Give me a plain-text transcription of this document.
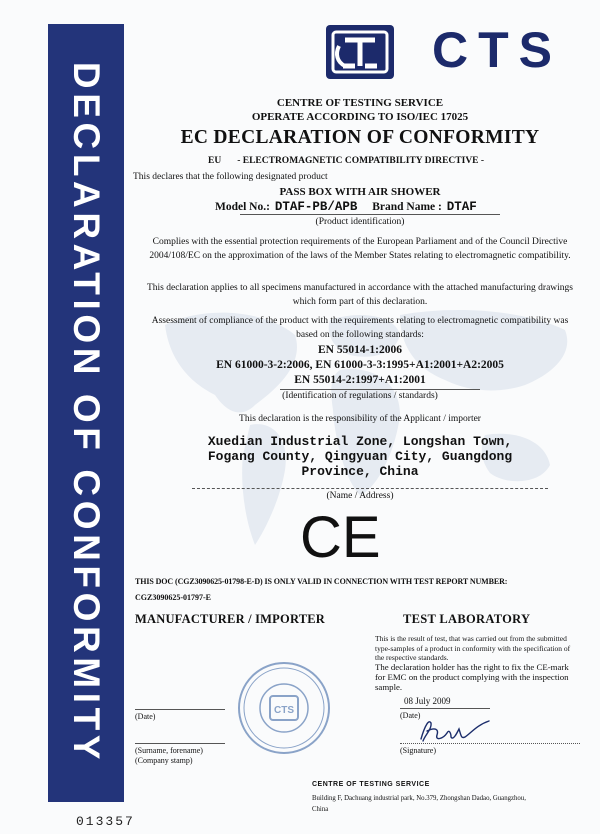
DECLARATION OF CONFORMITY
CTS
CENTRE OF TESTING SERVICE
OPERATE ACCORDING TO ISO/IEC 17025
EC DECLARATION OF CONFORMITY
EU - ELECTROMAGNETIC COMPATIBILITY DIRECTIVE -
This declares that the following designated product
PASS BOX WITH AIR SHOWER
Model No.: DTAF-PB/APB Brand Name : DTAF
(Product identification)
Complies with the essential protection requirements of the European Parliament and of the Council Directive 2004/108/EC on the approximation of the laws of the Member States relating to electromagnetic compatibility.
This declaration applies to all specimens manufactured in accordance with the attached manufacturing drawings which form part of this declaration.
Assessment of compliance of the product with the requirements relating to electromagnetic compatibility was based on the following standards:
EN 55014-1:2006
EN 61000-3-2:2006, EN 61000-3-3:1995+A1:2001+A2:2005
EN 55014-2:1997+A1:2001
(Identification of regulations / standards)
This declaration is the responsibility of the Applicant / importer
Xuedian Industrial Zone, Longshan Town,
Fogang County, Qingyuan City, Guangdong
Province, China
(Name / Address)
CE
THIS DOC (CGZ3090625-01798-E-D) IS ONLY VALID IN CONNECTION WITH TEST REPORT NUMBER:
CGZ3090625-01797-E
MANUFACTURER / IMPORTER	TEST LABORATORY
This is the result of test, that was carried out from the submitted type-samples of a product in conformity with the specification of the respective standards.
The declaration holder has the right to fix the CE-mark for EMC on the product complying with the inspection sample.
08 July 2009
(Date)
(Signature)
CTS
(Date)
(Surname, forename)
(Company stamp)
CENTRE OF TESTING SERVICE
Building F, Dachuang industrial park, No.379, Zhongshan Dadao, Guangzhou, China
013357
